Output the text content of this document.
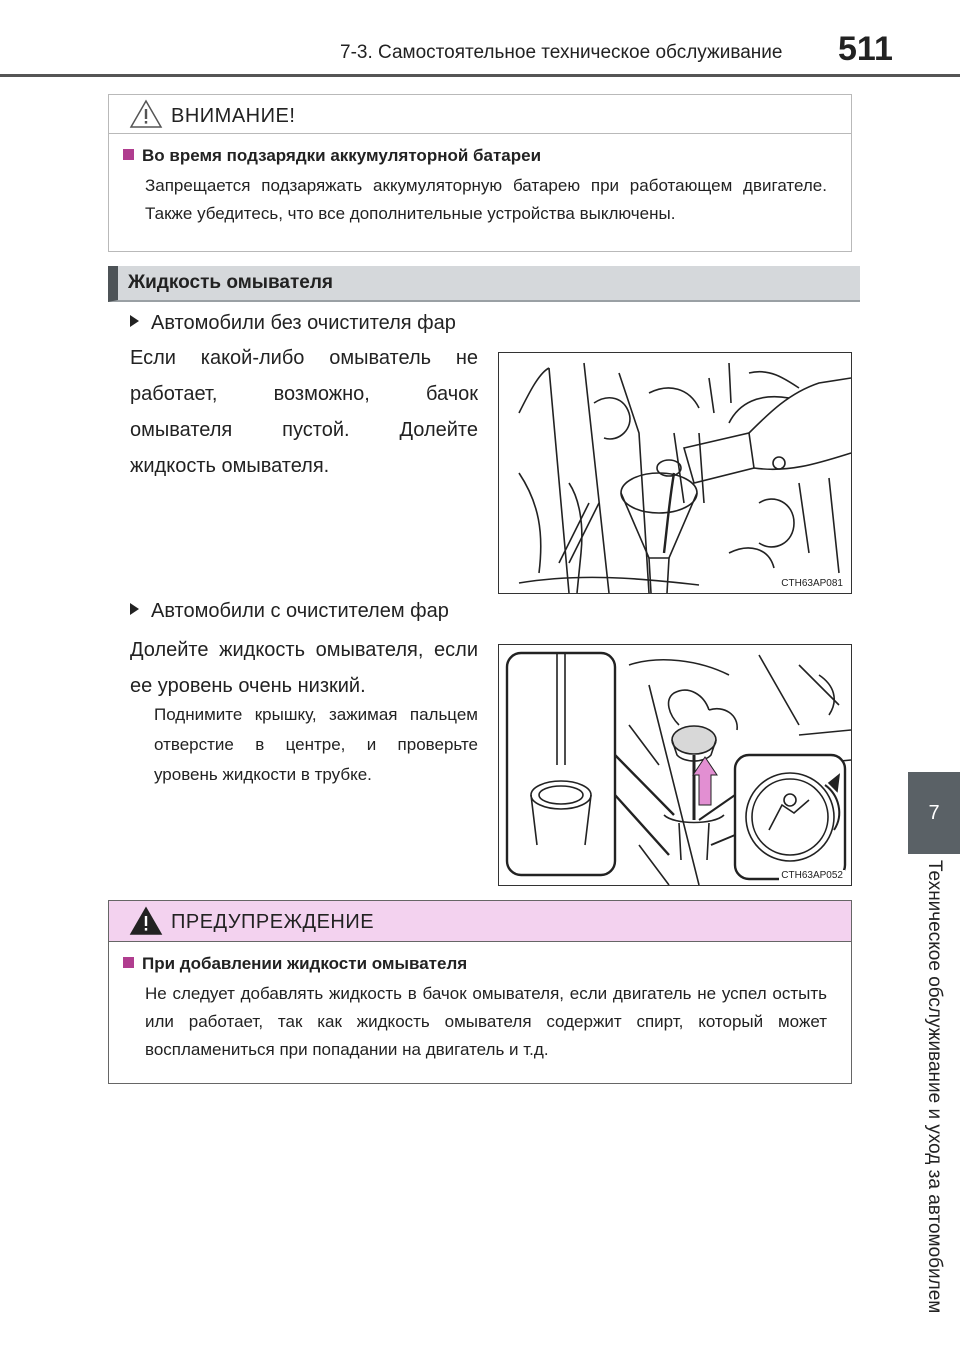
7-3. Самостоятельное техническое обслуживание 511
7
Техническое обслуживание и уход за автомобилем
ВНИМАНИЕ!
Во время подзарядки аккумуляторной батареи
Запрещается подзаряжать аккумуляторную батарею при работающем двигателе. Также убедитесь, что все дополнительные устройства выключены.
Жидкость омывателя
Автомобили без очистителя фар
Если какой-либо омыватель не работает, возможно, бачок омывателя пустой. Долейте жидкость омывателя.
CTH63AP081
Автомобили с очистителем фар
Долейте жидкость омывателя, если ее уровень очень низкий.
Поднимите крышку, зажимая пальцем отверстие в центре, и проверьте уровень жидкости в трубке.
CTH63AP052
ПРЕДУПРЕЖДЕНИЕ
При добавлении жидкости омывателя
Не следует добавлять жидкость в бачок омывателя, если двигатель не успел остыть или работает, так как жидкость омывателя содержит спирт, который может воспламениться при попадании на двигатель и т.д.
